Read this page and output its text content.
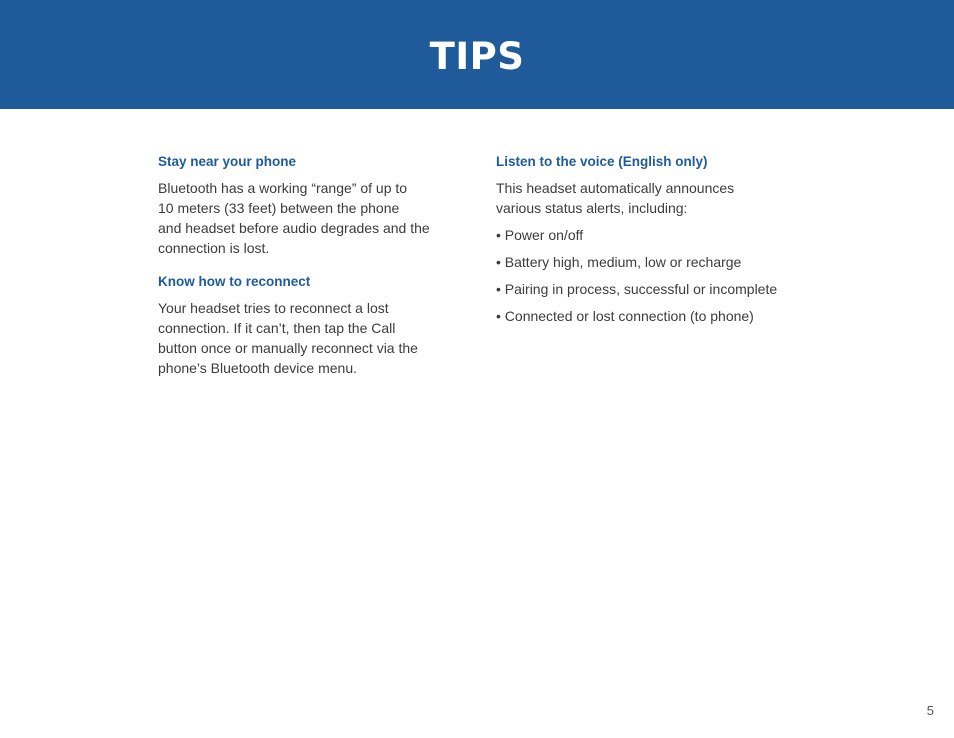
TIPS
Stay near your phone
Bluetooth has a working “range” of up to
10 meters (33 feet) between the phone
and headset before audio degrades and the
connection is lost.
Know how to reconnect
Your headset tries to reconnect a lost
connection. If it can’t, then tap the Call
button once or manually reconnect via the
phone’s Bluetooth device menu.
Listen to the voice (English only)
This headset automatically announces
various status alerts, including:
• Power on/off
• Battery high, medium, low or recharge
• Pairing in process, successful or incomplete
• Connected or lost connection (to phone)
5
